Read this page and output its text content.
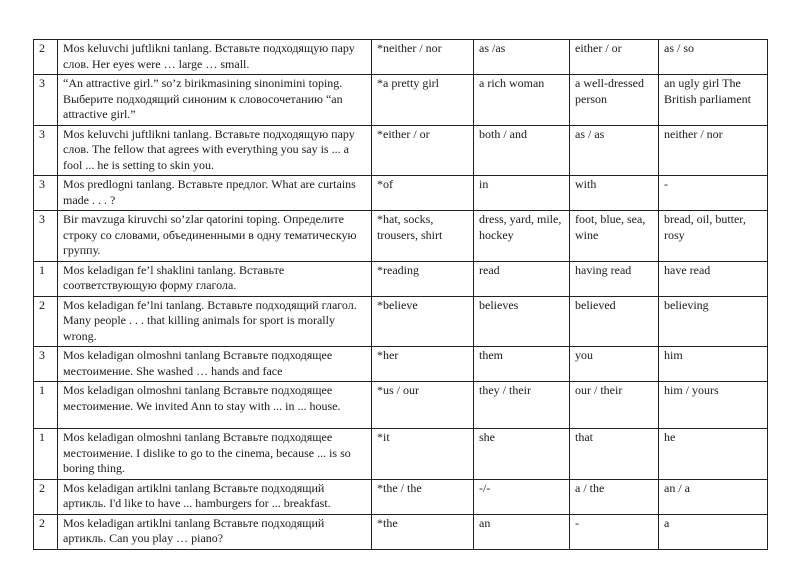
2	Mos keluvchi juftlikni tanlang. Вставьте подходящую пару слов. Her eyes were … large … small.	*neither / nor	as /as	either / or	as / so
3	“An attractive girl.” so’z birikmasining sinonimini toping. Выберите подходящий синоним к словосочетанию “an attractive girl.”	*a pretty girl	a rich woman	a well-dressed person	an ugly girl The British parliament
3	Mos keluvchi juftlikni tanlang. Вставьте подходящую пару слов. The fellow that agrees with everything you say is ... a fool ... he is setting to skin you.	*either / or	both / and	as / as	neither / nor
3	Mos predlogni tanlang. Вставьте предлог. What are curtains made . . . ?	*of	in	with	-
3	Bir mavzuga kiruvchi so’zlar qatorini toping. Определите строку со словами, объединенными в одну тематическую группу.	*hat, socks, trousers, shirt	dress, yard, mile, hockey	foot, blue, sea, wine	bread, oil, butter, rosy
1	Mos keladigan fe’l shaklini tanlang. Вставьте соответствующую форму глагола.	*reading	read	having read	have read
2	Mos keladigan fe’lni tanlang. Вставьте подходящий глагол. Many people . . . that killing animals for sport is morally wrong.	*believe	believes	believed	believing
3	Mos keladigan olmoshni tanlang Вставьте подходящее местоимение. She washed … hands and face	*her	them	you	him
1	Mos keladigan olmoshni tanlang Вставьте подходящее местоимение. We invited Ann to stay with ... in ... house.	*us / our	they / their	our / their	him / yours
1	Mos keladigan olmoshni tanlang Вставьте подходящее местоимение. I dislike to go to the cinema, because ... is so boring thing.	*it	she	that	he
2	Mos keladigan artiklni tanlang Вставьте подходящий артикль. I'd like to have ... hamburgers for ... breakfast.	*the / the	-/-	a / the	an / a
2	Mos keladigan artiklni tanlang Вставьте подходящий артикль. Can you play … piano?	*the	an	-	a
